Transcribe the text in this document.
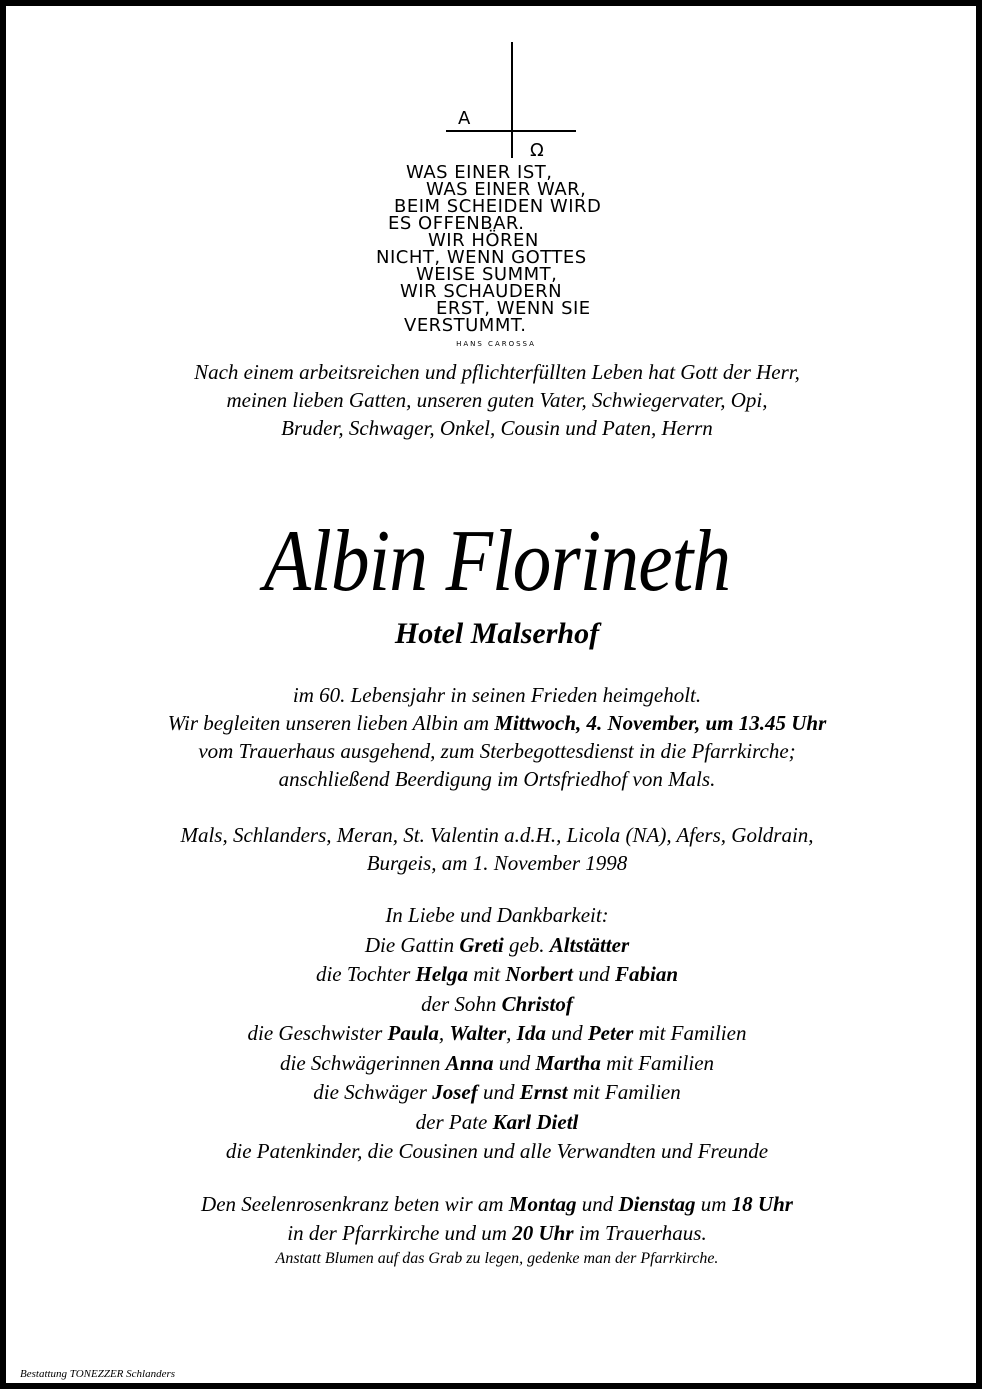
A
Ω
WAS EINER IST,
WAS EINER WAR,
BEIM SCHEIDEN WIRD
ES OFFENBAR.
WIR HÖREN
NICHT, WENN GOTTES
WEISE SUMMT,
WIR SCHAUDERN
ERST, WENN SIE
VERSTUMMT.
HANS CAROSSA
Nach einem arbeitsreichen und pflichterfüllten Leben hat Gott der Herr,
meinen lieben Gatten, unseren guten Vater, Schwiegervater, Opi,
Bruder, Schwager, Onkel, Cousin und Paten, Herrn
Albin Florineth
Hotel Malserhof
im 60. Lebensjahr in seinen Frieden heimgeholt.
Wir begleiten unseren lieben Albin am Mittwoch, 4. November, um 13.45 Uhr
vom Trauerhaus ausgehend, zum Sterbegottesdienst in die Pfarrkirche;
anschließend Beerdigung im Ortsfriedhof von Mals.
Mals, Schlanders, Meran, St. Valentin a.d.H., Licola (NA), Afers, Goldrain,
Burgeis, am 1. November 1998
In Liebe und Dankbarkeit:
Die Gattin Greti geb. Altstätter
die Tochter Helga mit Norbert und Fabian
der Sohn Christof
die Geschwister Paula, Walter, Ida und Peter mit Familien
die Schwägerinnen Anna und Martha mit Familien
die Schwäger Josef und Ernst mit Familien
der Pate Karl Dietl
die Patenkinder, die Cousinen und alle Verwandten und Freunde
Den Seelenrosenkranz beten wir am Montag und Dienstag um 18 Uhr
in der Pfarrkirche und um 20 Uhr im Trauerhaus.
Anstatt Blumen auf das Grab zu legen, gedenke man der Pfarrkirche.
Bestattung TONEZZER Schlanders
